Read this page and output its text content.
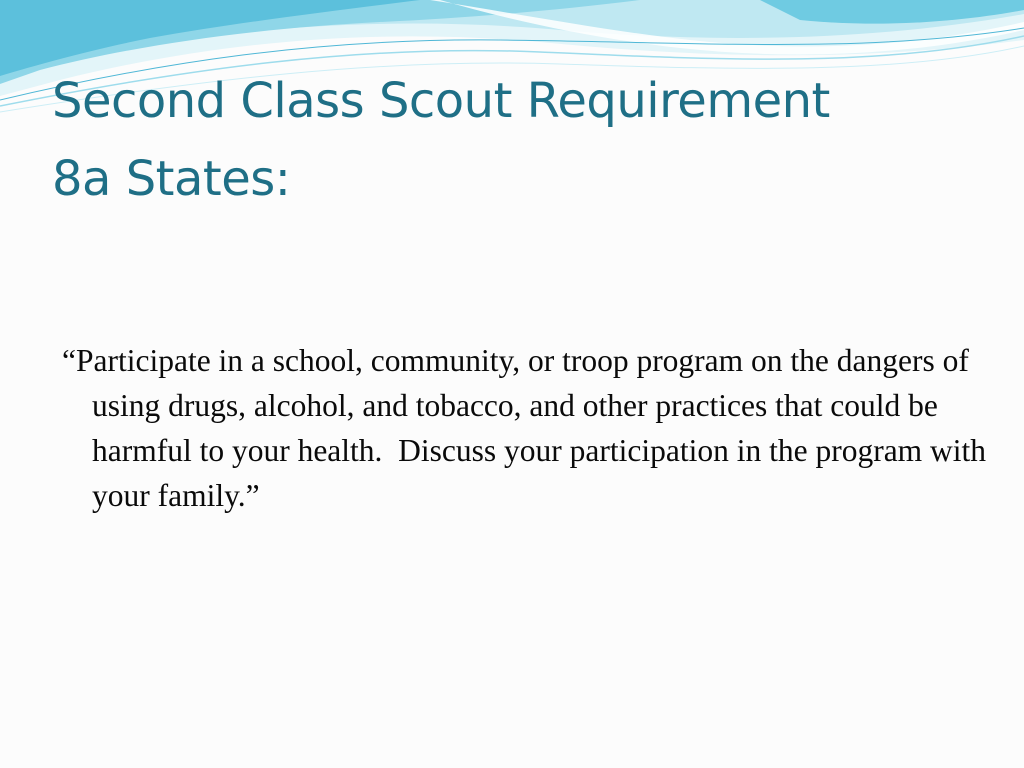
Second Class Scout Requirement
8a States:

“Participate in a school, community, or troop program on the dangers of using drugs, alcohol, and tobacco, and other practices that could be harmful to your health.  Discuss your participation in the program with your family.”
